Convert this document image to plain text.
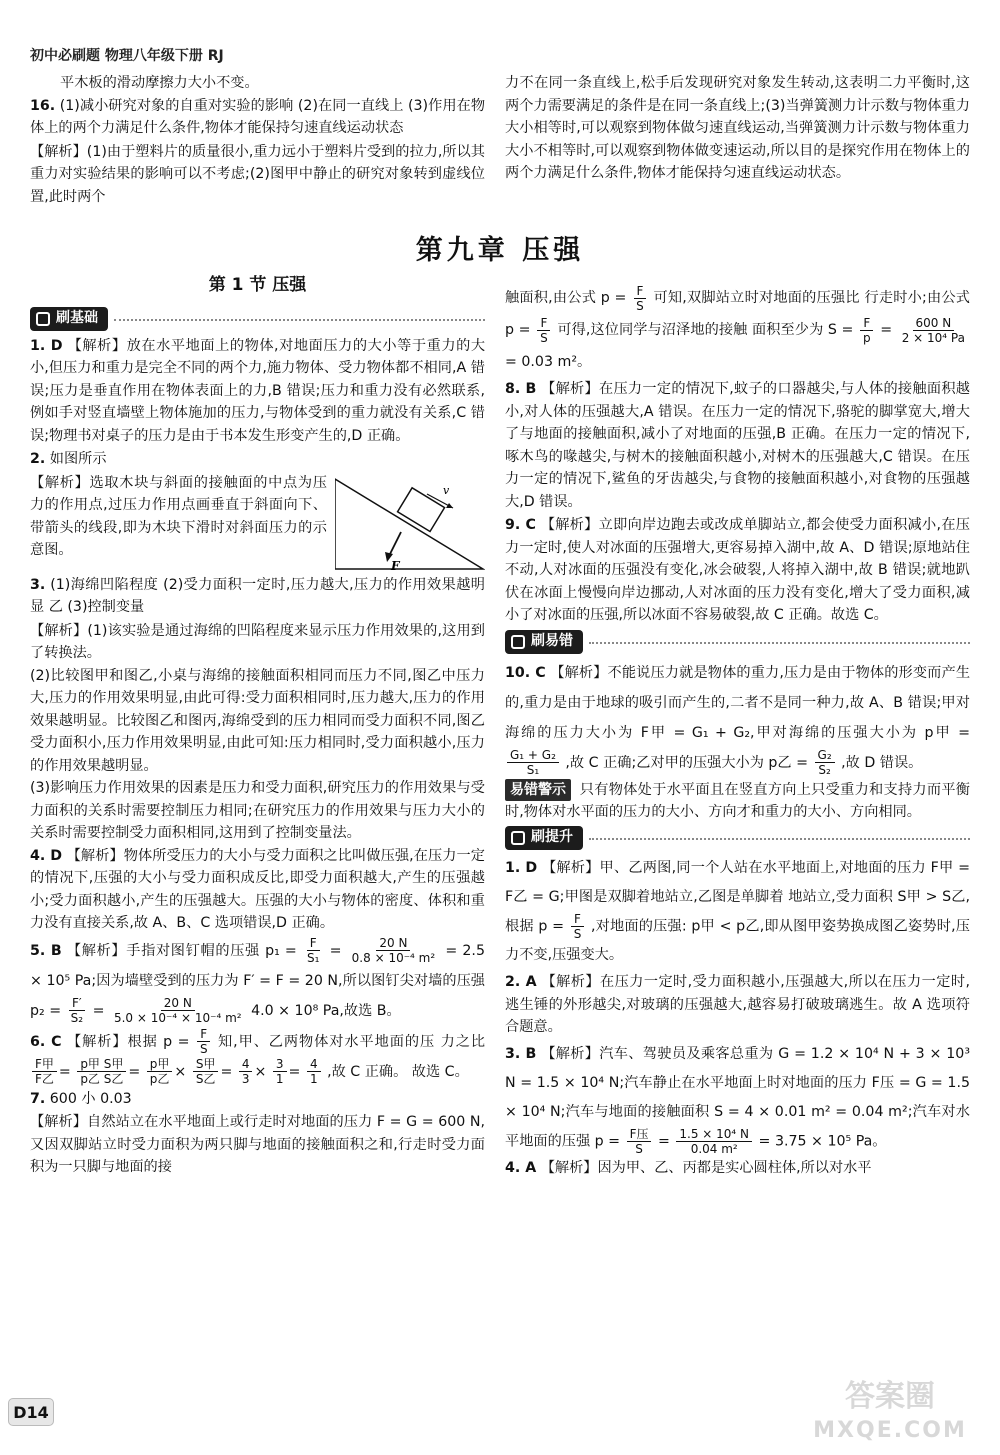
初中必刷题 物理八年级下册 RJ

平木板的滑动摩擦力大小不变。

16. (1)减小研究对象的自重对实验的影响 (2)在同一直线上 (3)作用在物体上的两个力满足什么条件,物体才能保持匀速直线运动状态

【解析】(1)由于塑料片的质量很小,重力远小于塑料片受到的拉力,所以其重力对实验结果的影响可以不考虑;(2)图甲中静止的研究对象转到虚线位置,此时两个

力不在同一条直线上,松手后发现研究对象发生转动,这表明二力平衡时,这两个力需要满足的条件是在同一条直线上;(3)当弹簧测力计示数与物体重力大小相等时,可以观察到物体做匀速直线运动,当弹簧测力计示数与物体重力大小不相等时,可以观察到物体做变速运动,所以目的是探究作用在物体上的两个力满足什么条件,物体才能保持匀速直线运动状态。

第九章 压强
第 1 节 压强
刷基础

1. D 【解析】放在水平地面上的物体,对地面压力的大小等于重力的大小,但压力和重力是完全不同的两个力,施力物体、受力物体都不相同,A 错误;压力是垂直作用在物体表面上的力,B 错误;压力和重力没有必然联系,例如手对竖直墙壁上物体施加的压力,与物体受到的重力就没有关系,C 错误;物理书对桌子的压力是由于书本发生形变产生的,D 正确。

2. 如图所示

v
F

【解析】选取木块与斜面的接触面的中点为压力的作用点,过压力作用点画垂直于斜面向下、带箭头的线段,即为木块下滑时对斜面压力的示意图。

3. (1)海绵凹陷程度 (2)受力面积一定时,压力越大,压力的作用效果越明显 乙 (3)控制变量

【解析】(1)该实验是通过海绵的凹陷程度来显示压力作用效果的,这用到了转换法。

(2)比较图甲和图乙,小桌与海绵的接触面积相同而压力不同,图乙中压力大,压力的作用效果明显,由此可得:受力面积相同时,压力越大,压力的作用效果越明显。比较图乙和图丙,海绵受到的压力相同而受力面积不同,图乙受力面积小,压力作用效果明显,由此可知:压力相同时,受力面积越小,压力的作用效果越明显。

(3)影响压力作用效果的因素是压力和受力面积,研究压力的作用效果与受力面积的关系时需要控制压力相同;在研究压力的作用效果与压力大小的关系时需要控制受力面积相同,这用到了控制变量法。

4. D 【解析】物体所受压力的大小与受力面积之比叫做压强,在压力一定的情况下,压强的大小与受力面积成反比,即受力面积越大,产生的压强越小;受力面积越小,产生的压强越大。压强的大小与物体的密度、体积和重力没有直接关系,故 A、B、C 选项错误,D 正确。

5. B 【解析】手指对图钉帽的压强 $p_1 = \frac{F}{\text{S₁}} = \frac{20 N}{\text{0.8 × 10⁻⁴ m²}} = 2.5 \times 10^5$ Pa;因为墙壁受到的压力为 F′ = F = 20 N,所以图钉尖对墙的压强 $p_2 = \frac{F'}{\text{S₂}} = \frac{20 N}{\text{5.0 × 10⁻⁴ × 10⁻⁴ m²}} 4.0 \times 10^8$ Pa,故选 B。

6. C 【解析】根据 $p = \frac{F}{S}$ 知,甲、乙两物体对水平地面的压 力之比
$\frac{\text{F甲}}{\text{F乙}} = \frac{\text{p甲 S甲}}{\text{p乙 S乙}} = \frac{\text{p甲}}{\text{p乙}} \times \frac{\text{S甲}}{\text{S乙}} = \frac{4}{3} \times \frac{3}{1} = \frac{4}{1}$ ,故 C 正确。 故选 C。

7. 600 小 0.03

【解析】自然站立在水平地面上或行走时对地面的压力 F = G = 600 N,又因双脚站立时受力面积为两只脚与地面的接触面积之和,行走时受力面积为一只脚与地面的接

触面积,由公式 $p = \frac{F}{S}$ 可知,双脚站立时对地面的压强比 行走时小;由公式 $p = \frac{F}{S}$ 可得,这位同学与沼泽地的接触 面积至少为 $S = \frac{F}{p} = \frac{600 N}{\text{2 × 10⁴ Pa}}$
= 0.03 m²。

8. B 【解析】在压力一定的情况下,蚊子的口器越尖,与人体的接触面积越小,对人体的压强越大,A 错误。在压力一定的情况下,骆驼的脚掌宽大,增大了与地面的接触面积,减小了对地面的压强,B 正确。在压力一定的情况下,啄木鸟的喙越尖,与树木的接触面积越小,对树木的压强越大,C 错误。在压力一定的情况下,鲨鱼的牙齿越尖,与食物的接触面积越小,对食物的压强越大,D 错误。

9. C 【解析】立即向岸边跑去或改成单脚站立,都会使受力面积减小,在压力一定时,使人对冰面的压强增大,更容易掉入湖中,故 A、D 错误;原地站住不动,人对冰面的压强没有变化,冰会破裂,人将掉入湖中,故 B 错误;就地趴伏在冰面上慢慢向岸边挪动,人对冰面的压力没有变化,增大了受力面积,减小了对冰面的压强,所以冰面不容易破裂,故 C 正确。故选 C。

刷易错

10. C 【解析】不能说压力就是物体的重力,压力是由于物体的形变而产生的,重力是由于地球的吸引而产生的,二者不是同一种力,故 A、B 错误;甲对海绵的压力大小为 F甲 = G₁ + G₂,甲对海绵的压强大小为 p甲 =
$\frac{\text{G₁ + G₂}}{\text{S₁}}$ ,故 C 正确;乙对甲的压强大小为 p乙 = $\frac{\text{G₂}}{\text{S₂}}$ ,故 D 错误。

易错警示 只有物体处于水平面且在竖直方向上只受重力和支持力而平衡时,物体对水平面的压力的大小、方向才和重力的大小、方向相同。

刷提升

1. D 【解析】甲、乙两图,同一个人站在水平地面上,对地面的压力 F甲 = F乙 = G;甲图是双脚着地站立,乙图是单脚着 地站立,受力面积 S甲 > S乙,根据 $p = \frac{F}{S}$ ,对地面的压强: p甲 < p乙,即从图甲姿势换成图乙姿势时,压力不变,压强变大。

2. A 【解析】在压力一定时,受力面积越小,压强越大,所以在压力一定时,逃生锤的外形越尖,对玻璃的压强越大,越容易打破玻璃逃生。故 A 选项符合题意。

3. B 【解析】汽车、驾驶员及乘客总重为 G = 1.2 × 10⁴ N + 3 × 10³ N = 1.5 × 10⁴ N;汽车静止在水平地面上时对地面的压力 F压 = G = 1.5 × 10⁴ N;汽车与地面的接触面积 S = 4 × 0.01 m² = 0.04 m²;汽车对水平地面的压强 $p = \frac{\text{F压}}{S} = \frac{\text{1.5 × 10⁴ N}}{\text{0.04 m²}} = 3.75 \times 10^5$ Pa。

4. A 【解析】因为甲、乙、丙都是实心圆柱体,所以对水平

D14	答案圈
MXQE.COM
